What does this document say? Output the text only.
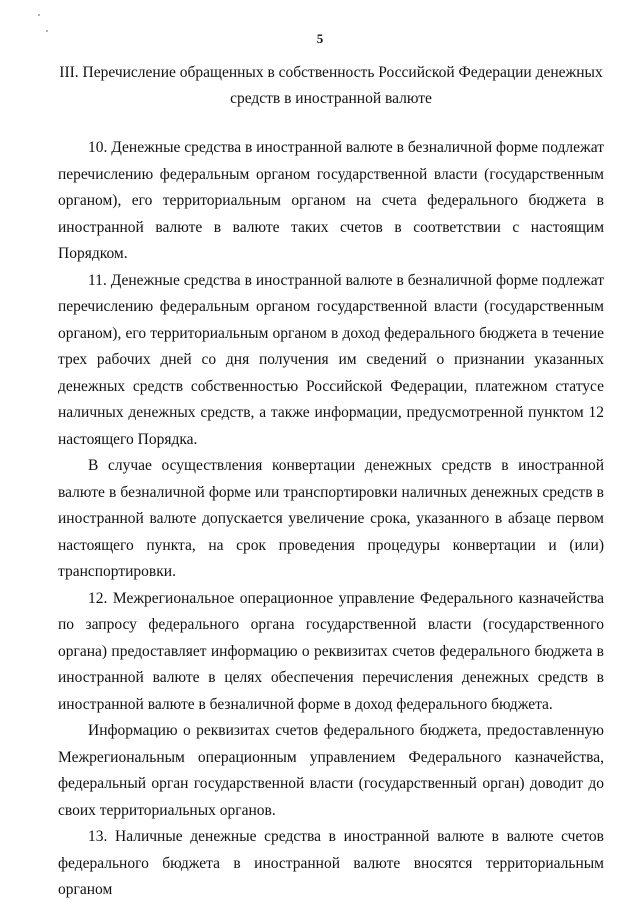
5
III. Перечисление обращенных в собственность Российской Федерации денежных
средств в иностранной валюте

10. Денежные средства в иностранной валюте в безналичной форме подлежат перечислению федеральным органом государственной власти (государственным органом), его территориальным органом на счета федерального бюджета в иностранной валюте в валюте таких счетов в соответствии с настоящим Порядком.

11. Денежные средства в иностранной валюте в безналичной форме подлежат перечислению федеральным органом государственной власти (государственным органом), его территориальным органом в доход федерального бюджета в течение трех рабочих дней со дня получения им сведений о признании указанных денежных средств собственностью Российской Федерации, платежном статусе наличных денежных средств, а также информации, предусмотренной пунктом 12 настоящего Порядка.

В случае осуществления конвертации денежных средств в иностранной валюте в безналичной форме или транспортировки наличных денежных средств в иностранной валюте допускается увеличение срока, указанного в абзаце первом настоящего пункта, на срок проведения процедуры конвертации и (или) транспортировки.

12. Межрегиональное операционное управление Федерального казначейства по запросу федерального органа государственной власти (государственного органа) предоставляет информацию о реквизитах счетов федерального бюджета в иностранной валюте в целях обеспечения перечисления денежных средств в иностранной валюте в безналичной форме в доход федерального бюджета.

Информацию о реквизитах счетов федерального бюджета, предоставленную Межрегиональным операционным управлением Федерального казначейства, федеральный орган государственной власти (государственный орган) доводит до своих территориальных органов.

13. Наличные денежные средства в иностранной валюте в валюте счетов федерального бюджета в иностранной валюте вносятся территориальным органом
